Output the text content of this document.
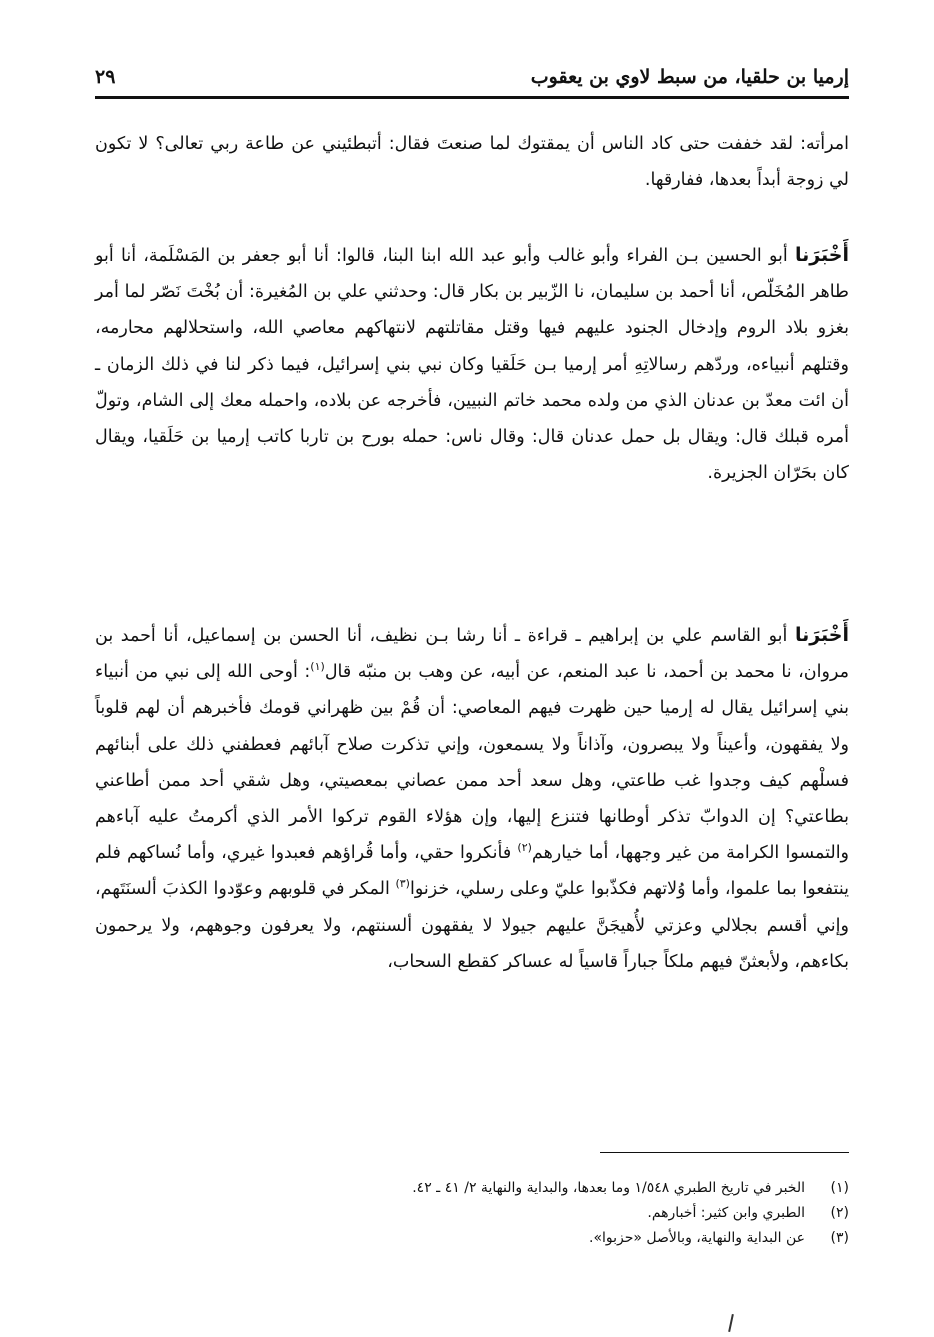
إرميا بن حلقيا، من سبط لاوي بن يعقوب
٢٩

امرأته: لقد خففت حتى كاد الناس أن يمقتوك لما صنعتَ فقال: أتبطئيني عن طاعة ربي تعالى؟ لا تكون لي زوجة أبداً بعدها، ففارقها.

أَخْبَرَنا أبو الحسين بـن الفراء وأبو غالب وأبو عبد الله ابنا البنا، قالوا: أنا أبو جعفر بن المَسْلَمة، أنا أبو طاهر المُخَلّص، أنا أحمد بن سليمان، نا الزّبير بن بكار قال: وحدثني علي بن المُغيرة: أن بُخْتَ نَصّر لما أمر بغزو بلاد الروم وإدخال الجنود عليهم فيها وقتل مقاتلتهم لانتهاكهم معاصي الله، واستحلالهم محارمه، وقتلهم أنبياءه، وردّهم رسالاتِهِ أمر إرميا بـن حَلَقيا وكان نبي بني إسرائيل، فيما ذكر لنا في ذلك الزمان ـ أن ائت معدّ بن عدنان الذي من ولده محمد خاتم النبيين، فأخرجه عن بلاده، واحمله معك إلى الشام، وتولّ أمره قبلك قال: ويقال بل حمل عدنان قال: وقال ناس: حمله بورح بن تاربا كاتب إرميا بن حَلَقيا، ويقال كان بحَرّان الجزيرة.

أَخْبَرَنا أبو القاسم علي بن إبراهيم ـ قراءة ـ أنا رشا بـن نظيف، أنا الحسن بن إسماعيل، أنا أحمد بن مروان، نا محمد بن أحمد، نا عبد المنعم، عن أبيه، عن وهب بن منبّه قال$^{(١)}$: أوحى الله إلى نبي من أنبياء بني إسرائيل يقال له إرميا حين ظهرت فيهم المعاصي: أن قُمْ بين ظهراني قومك فأخبرهم أن لهم قلوباً ولا يفقهون، وأعيناً ولا يبصرون، وآذاناً ولا يسمعون، وإني تذكرت صلاح آبائهم فعطفني ذلك على أبنائهم فسلْهم كيف وجدوا غب طاعتي، وهل سعد أحد ممن عصاني بمعصيتي، وهل شقي أحد ممن أطاعني بطاعتي؟ إن الدوابّ تذكر أوطانها فتنزع إليها، وإن هؤلاء القوم تركوا الأمر الذي أكرمتُ عليه آباءهم والتمسوا الكرامة من غير وجهها، أما خيارهم$^{(٢)}$ فأنكروا حقي، وأما قُراؤهم فعبدوا غيري، وأما نُساكهم فلم ينتفعوا بما علموا، وأما وُلاتهم فكذّبوا عليّ وعلى رسلي، خزنوا$^{(٣)}$ المكر في قلوبهم وعوّدوا الكذبَ ألسنَتَهم، وإني أقسم بجلالي وعزتي لأُهيجَنَّ عليهم جيولا لا يفقهون ألسنتهم، ولا يعرفون وجوههم، ولا يرحمون بكاءهم، ولأبعثنّ فيهم ملكاً جباراً قاسياً له عساكر كقطع السحاب،

(١)الخبر في تاريخ الطبري ١/٥٤٨ وما بعدها، والبداية والنهاية ٢/ ٤١ ـ ٤٢.
(٢)الطبري وابن كثير: أخبارهم.
(٣)عن البداية والنهاية، وبالأصل «حزبوا».
